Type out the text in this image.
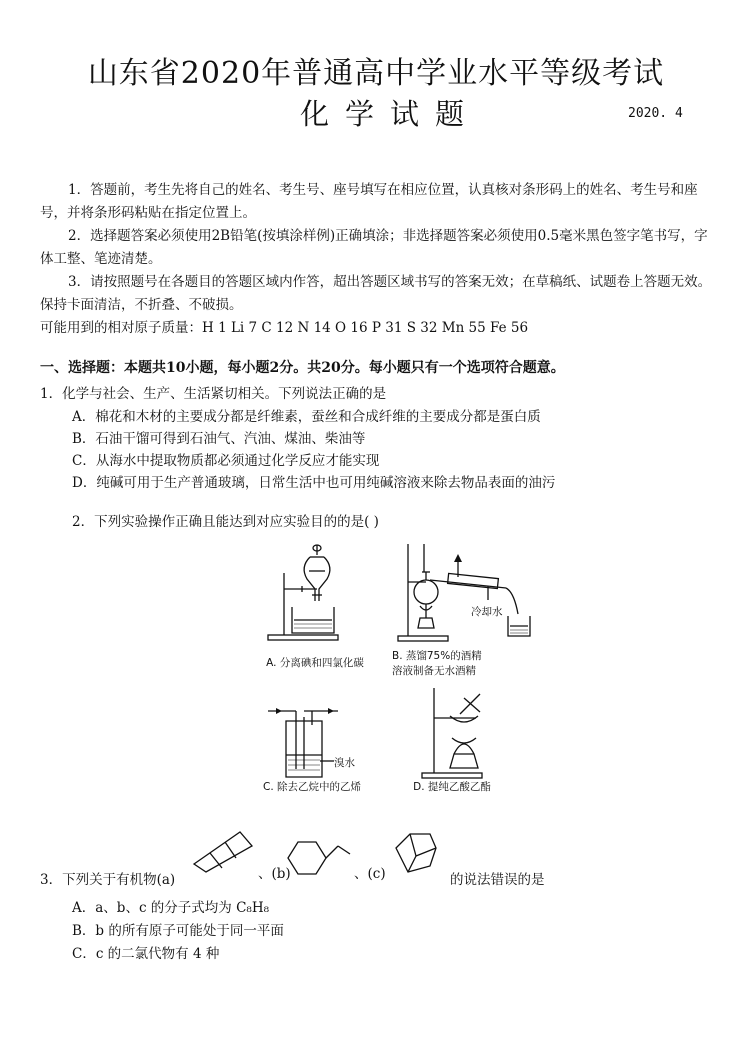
山东省2020年普通高中学业水平等级考试
化学试题	2020. 4

1．答题前，考生先将自己的姓名、考生号、座号填写在相应位置，认真核对条形码上的姓名、考生号和座号，并将条形码粘贴在指定位置上。

2．选择题答案必须使用2B铅笔(按填涂样例)正确填涂；非选择题答案必须使用0.5毫米黑色签字笔书写，字体工整、笔迹清楚。

3．请按照题号在各题目的答题区域内作答，超出答题区域书写的答案无效；在草稿纸、试题卷上答题无效。保持卡面清洁，不折叠、不破损。

可能用到的相对原子质量：H 1 Li 7 C 12 N 14 O 16 P 31 S 32 Mn 55 Fe 56

一、选择题：本题共10小题，每小题2分。共20分。每小题只有一个选项符合题意。
1．化学与社会、生产、生活紧切相关。下列说法正确的是
A．棉花和木材的主要成分都是纤维素，蚕丝和合成纤维的主要成分都是蛋白质
B．石油干馏可得到石油气、汽油、煤油、柴油等
C．从海水中提取物质都必须通过化学反应才能实现
D．纯碱可用于生产普通玻璃，日常生活中也可用纯碱溶液来除去物品表面的油污
2．下列实验操作正确且能达到对应实验目的的是( )
A. 分离碘和四氯化碳
冷却水
B. 蒸馏75%的酒精
溶液制备无水酒精
溴水
C. 除去乙烷中的乙烯	D. 提纯乙酸乙酯
3．下列关于有机物(a)	、(b)	、(c)	的说法错误的是
A．a、b、c 的分子式均为 C₈H₈
B．b 的所有原子可能处于同一平面
C．c 的二氯代物有 4 种
